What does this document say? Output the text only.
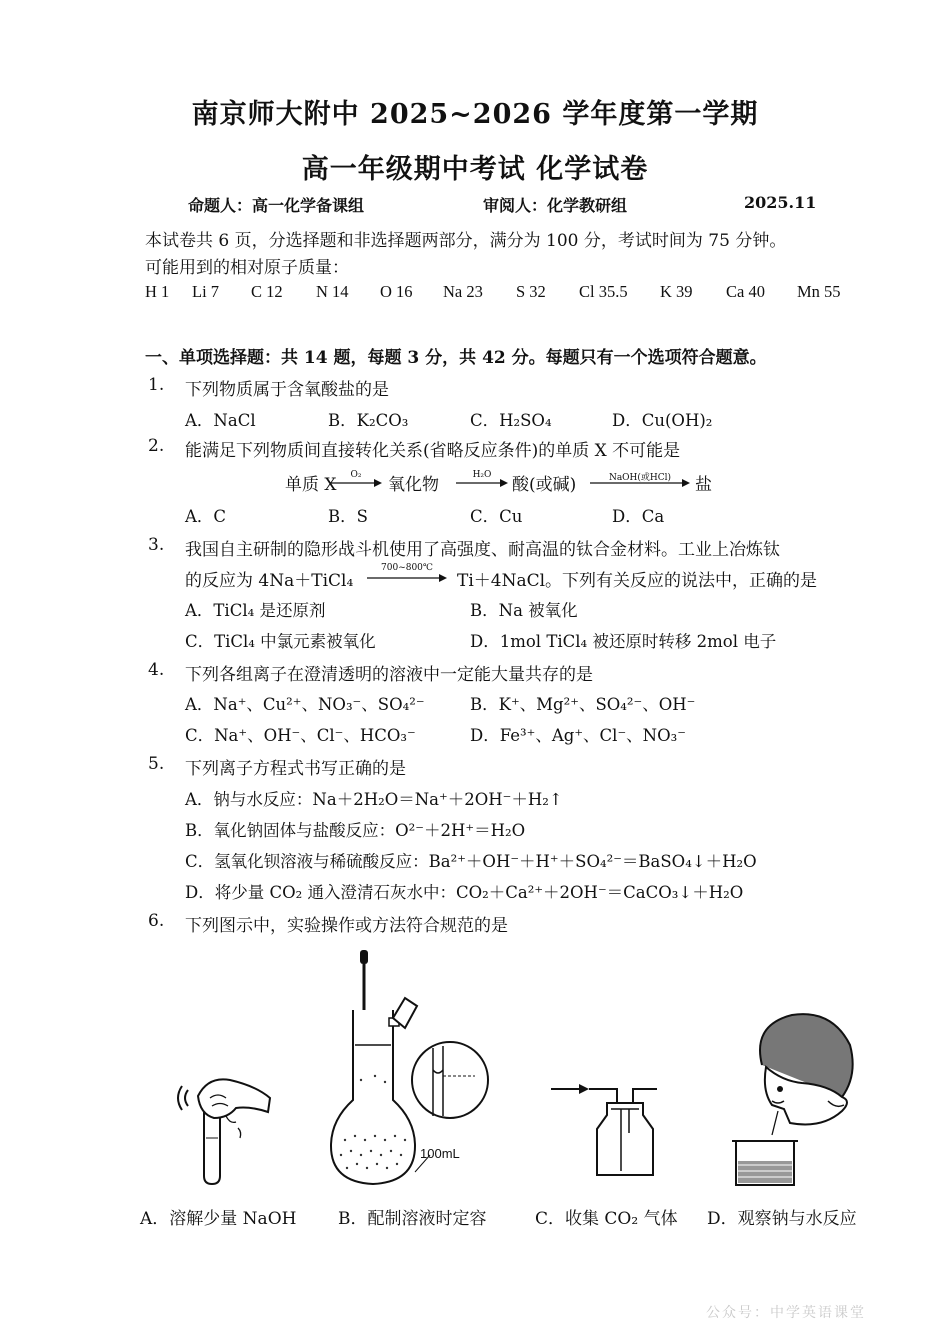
南京师大附中 2025~2026 学年度第一学期
高一年级期中考试 化学试卷
命题人：高一化学备课组	审阅人：化学教研组	2025.11
本试卷共 6 页，分选择题和非选择题两部分，满分为 100 分，考试时间为 75 分钟。
可能用到的相对原子质量：
H 1 Li 7 C 12 N 14 O 16 Na 23 S 32 Cl 35.5 K 39 Ca 40 Mn 55
一、单项选择题：共 14 题，每题 3 分，共 42 分。每题只有一个选项符合题意。
1. 下列物质属于含氧酸盐的是
A．NaCl	B．K₂CO₃	C．H₂SO₄	D．Cu(OH)₂
2. 能满足下列物质间直接转化关系(省略反应条件)的单质 X 不可能是
单质 X	O₂	氧化物	H₂O	酸(或碱)	NaOH(或HCl)	盐
A．C	B．S	C．Cu	D．Ca
3. 我国自主研制的隐形战斗机使用了高强度、耐高温的钛合金材料。工业上冶炼钛
的反应为 4Na＋TiCl₄
700~800℃
Ti＋4NaCl。下列有关反应的说法中，正确的是
A．TiCl₄ 是还原剂	B．Na 被氧化
C．TiCl₄ 中氯元素被氧化	D．1mol TiCl₄ 被还原时转移 2mol 电子
4. 下列各组离子在澄清透明的溶液中一定能大量共存的是
A．Na⁺、Cu²⁺、NO₃⁻、SO₄²⁻	B．K⁺、Mg²⁺、SO₄²⁻、OH⁻
C．Na⁺、OH⁻、Cl⁻、HCO₃⁻	D．Fe³⁺、Ag⁺、Cl⁻、NO₃⁻
5. 下列离子方程式书写正确的是
A．钠与水反应：Na＋2H₂O＝Na⁺＋2OH⁻＋H₂↑
B．氧化钠固体与盐酸反应：O²⁻＋2H⁺＝H₂O
C．氢氧化钡溶液与稀硫酸反应：Ba²⁺＋OH⁻＋H⁺＋SO₄²⁻＝BaSO₄↓＋H₂O
D．将少量 CO₂ 通入澄清石灰水中：CO₂＋Ca²⁺＋2OH⁻＝CaCO₃↓＋H₂O
6. 下列图示中，实验操作或方法符合规范的是
100mL
A．溶解少量 NaOH B．配制溶液时定容	C．收集 CO₂ 气体 D．观察钠与水反应
公众号：中学英语课堂
